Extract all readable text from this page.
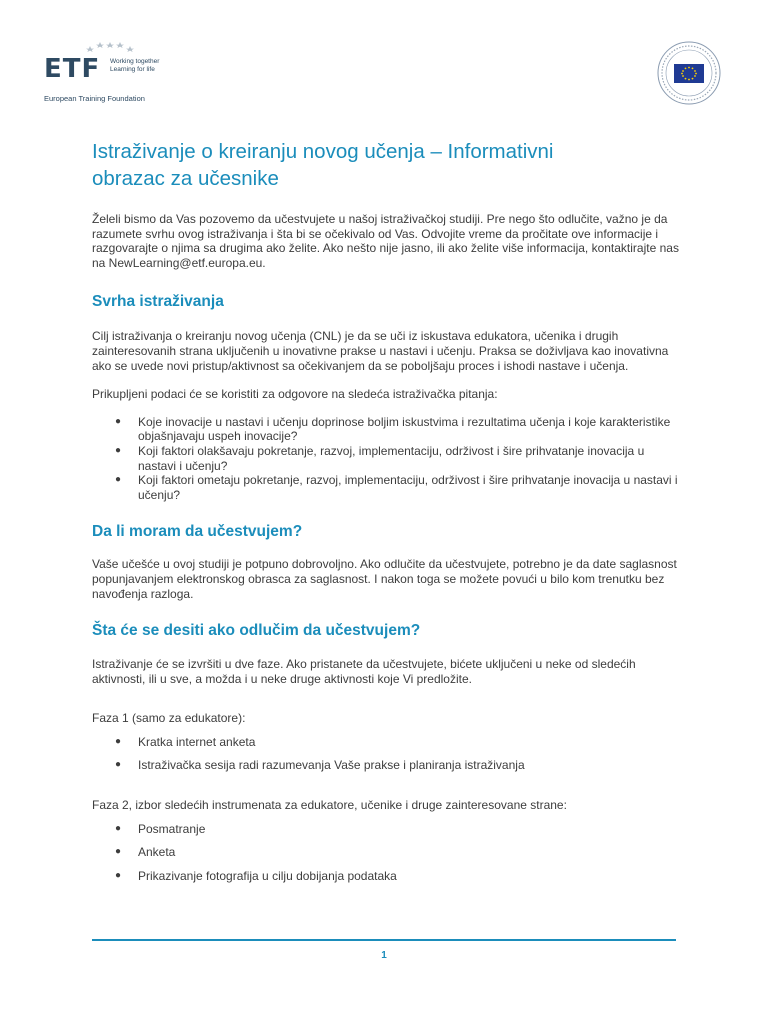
ETF Working together
Learning for life
European Training Foundation
Istraživanje o kreiranju novog učenja – Informativni
obrazac za učesnike

Želeli bismo da Vas pozovemo da učestvujete u našoj istraživačkoj studiji. Pre nego što odlučite, važno je da razumete svrhu ovog istraživanja i šta bi se očekivalo od Vas. Odvojite vreme da pročitate ove informacije i razgovarajte o njima sa drugima ako želite. Ako nešto nije jasno, ili ako želite više informacija, kontaktirajte nas na NewLearning@etf.europa.eu.

Svrha istraživanja

Cilj istraživanja o kreiranju novog učenja (CNL) je da se uči iz iskustava edukatora, učenika i drugih zainteresovanih strana uključenih u inovativne prakse u nastavi i učenju. Praksa se doživljava kao inovativna ako se uvede novi pristup/aktivnost sa očekivanjem da se poboljšaju proces i ishodi nastave i učenja.

Prikupljeni podaci će se koristiti za odgovore na sledeća istraživačka pitanja:

● Koje inovacije u nastavi i učenju doprinose boljim iskustvima i rezultatima učenja i koje karakteristike objašnjavaju uspeh inovacije?
● Koji faktori olakšavaju pokretanje, razvoj, implementaciju, održivost i šire prihvatanje inovacija u nastavi i učenju?
● Koji faktori ometaju pokretanje, razvoj, implementaciju, održivost i šire prihvatanje inovacija u nastavi i učenju?
Da li moram da učestvujem?

Vaše učešće u ovoj studiji je potpuno dobrovoljno. Ako odlučite da učestvujete, potrebno je da date saglasnost popunjavanjem elektronskog obrasca za saglasnost. I nakon toga se možete povući u bilo kom trenutku bez navođenja razloga.

Šta će se desiti ako odlučim da učestvujem?

Istraživanje će se izvršiti u dve faze. Ako pristanete da učestvujete, bićete uključeni u neke od sledećih aktivnosti, ili u sve, a možda i u neke druge aktivnosti koje Vi predložite.

Faza 1 (samo za edukatore):

● Kratka internet anketa
● Istraživačka sesija radi razumevanja Vaše prakse i planiranja istraživanja

Faza 2, izbor sledećih instrumenata za edukatore, učenike i druge zainteresovane strane:

● Posmatranje
● Anketa
● Prikazivanje fotografija u cilju dobijanja podataka
1
